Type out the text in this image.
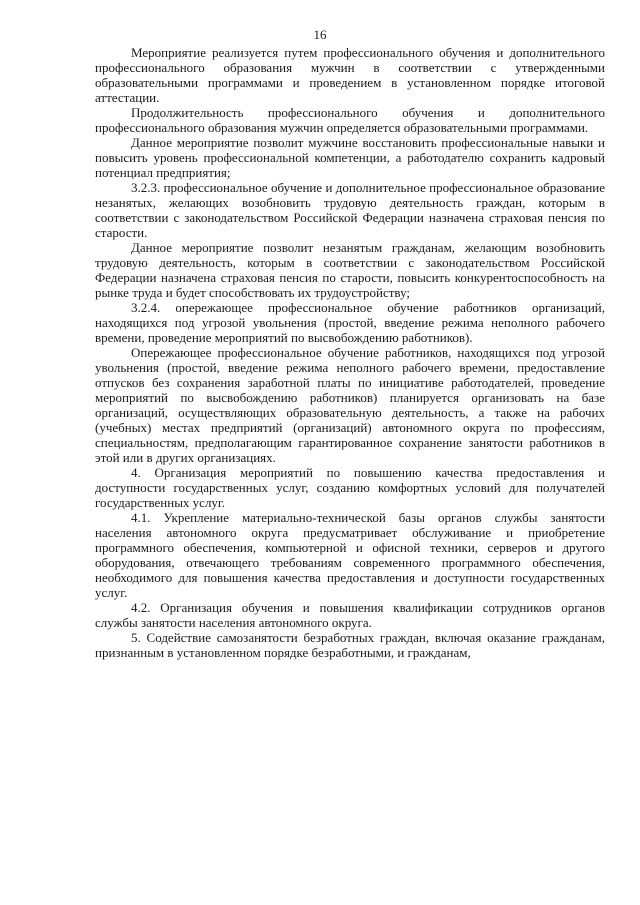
16

Мероприятие реализуется путем профессионального обучения и дополнительного профессионального образования мужчин в соответствии с утвержденными образовательными программами и проведением в установленном порядке итоговой аттестации.

Продолжительность профессионального обучения и дополнительного профессионального образования мужчин определяется образовательными программами.

Данное мероприятие позволит мужчине восстановить профессиональные навыки и повысить уровень профессиональной компетенции, а работодателю сохранить кадровый потенциал предприятия;

3.2.3. профессиональное обучение и дополнительное профессиональное образование незанятых, желающих возобновить трудовую деятельность граждан, которым в соответствии с законодательством Российской Федерации назначена страховая пенсия по старости.

Данное мероприятие позволит незанятым гражданам, желающим возобновить трудовую деятельность, которым в соответствии с законодательством Российской Федерации назначена страховая пенсия по старости, повысить конкурентоспособность на рынке труда и будет способствовать их трудоустройству;

3.2.4. опережающее профессиональное обучение работников организаций, находящихся под угрозой увольнения (простой, введение режима неполного рабочего времени, проведение мероприятий по высвобождению работников).

Опережающее профессиональное обучение работников, находящихся под угрозой увольнения (простой, введение режима неполного рабочего времени, предоставление отпусков без сохранения заработной платы по инициативе работодателей, проведение мероприятий по высвобождению работников) планируется организовать на базе организаций, осуществляющих образовательную деятельность, а также на рабочих (учебных) местах предприятий (организаций) автономного округа по профессиям, специальностям, предполагающим гарантированное сохранение занятости работников в этой или в других организациях.

4. Организация мероприятий по повышению качества предоставления и доступности государственных услуг, созданию комфортных условий для получателей государственных услуг.

4.1. Укрепление материально-технической базы органов службы занятости населения автономного округа предусматривает обслуживание и приобретение программного обеспечения, компьютерной и офисной техники, серверов и другого оборудования, отвечающего требованиям современного программного обеспечения, необходимого для повышения качества предоставления и доступности государственных услуг.

4.2. Организация обучения и повышения квалификации сотрудников органов службы занятости населения автономного округа.

5. Содействие самозанятости безработных граждан, включая оказание гражданам, признанным в установленном порядке безработными, и гражданам,
